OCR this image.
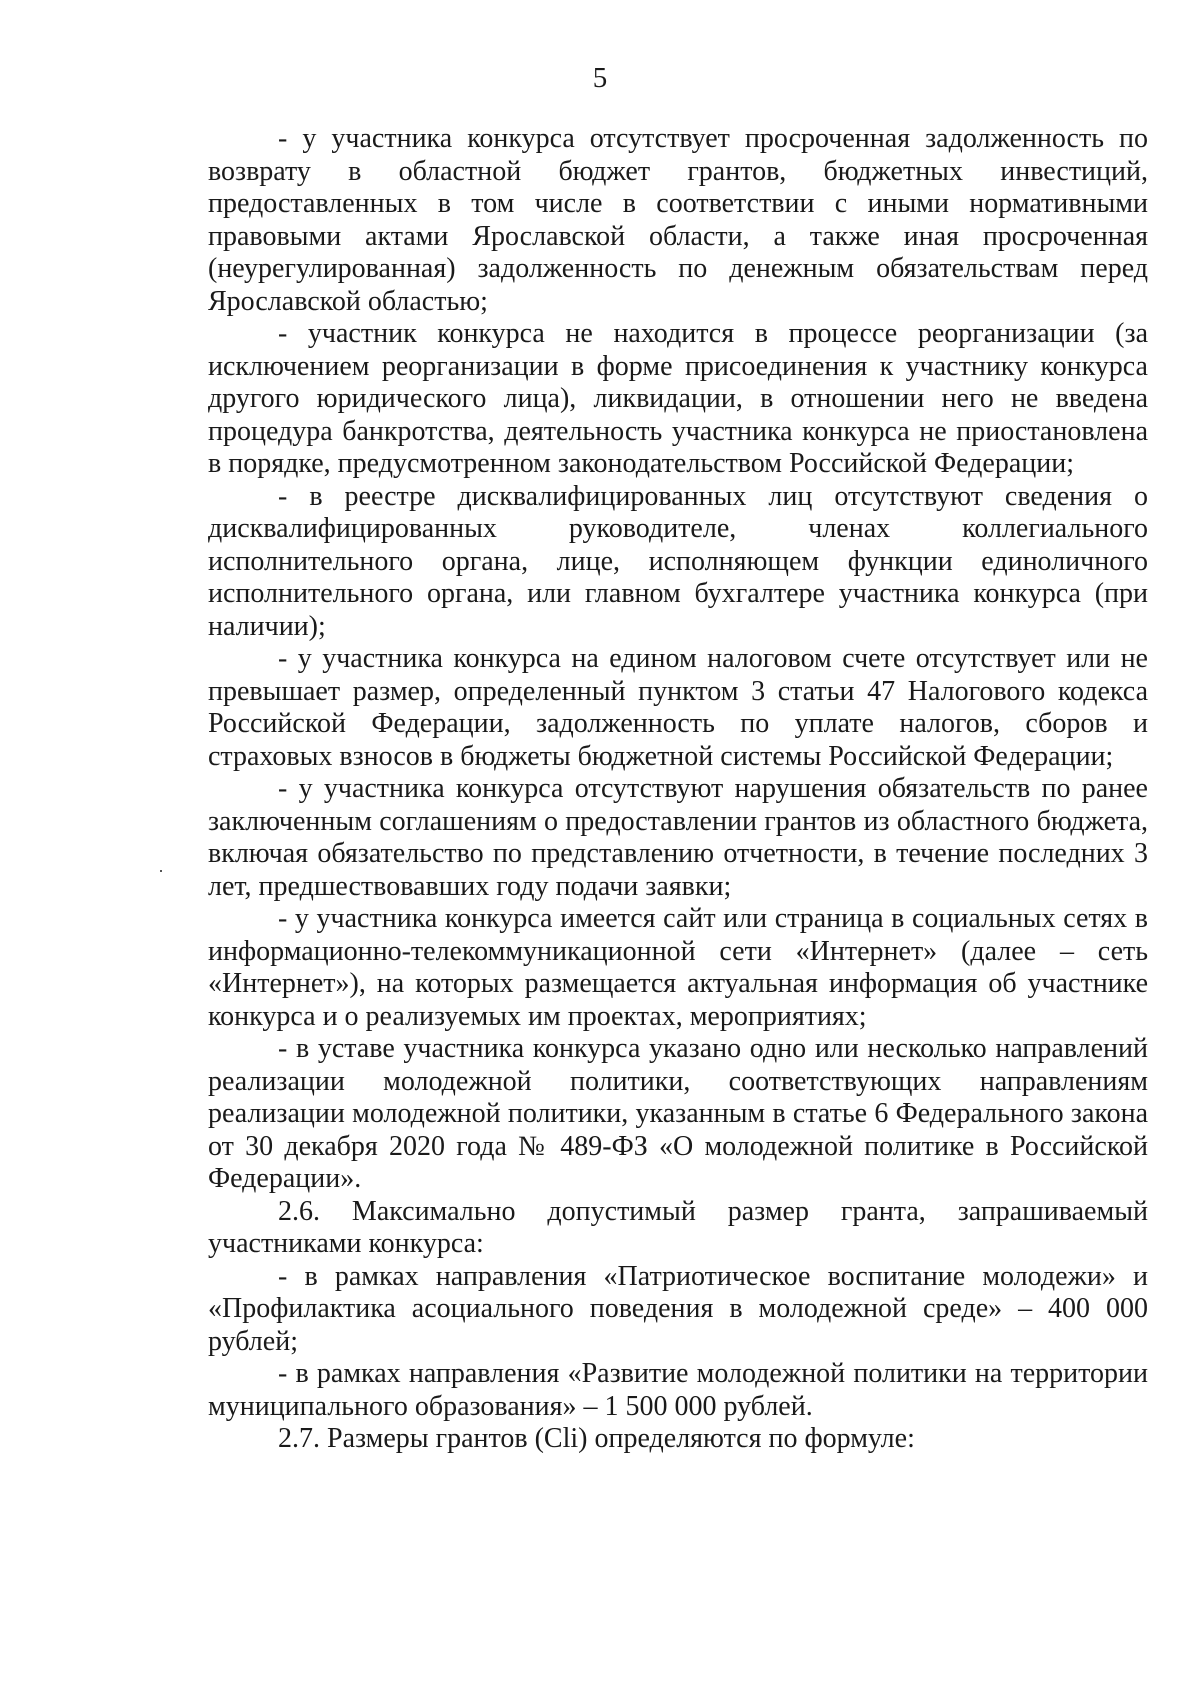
5

- у участника конкурса отсутствует просроченная задолженность по возврату в областной бюджет грантов, бюджетных инвестиций, предоставленных в том числе в соответствии с иными нормативными правовыми актами Ярославской области, а также иная просроченная (неурегулированная) задолженность по денежным обязательствам перед Ярославской областью;

- участник конкурса не находится в процессе реорганизации (за исключением реорганизации в форме присоединения к участнику конкурса другого юридического лица), ликвидации, в отношении него не введена процедура банкротства, деятельность участника конкурса не приостановлена в порядке, предусмотренном законодательством Российской Федерации;

- в реестре дисквалифицированных лиц отсутствуют сведения о дисквалифицированных руководителе, членах коллегиального исполнительного органа, лице, исполняющем функции единоличного исполнительного органа, или главном бухгалтере участника конкурса (при наличии);

- у участника конкурса на едином налоговом счете отсутствует или не превышает размер, определенный пунктом 3 статьи 47 Налогового кодекса Российской Федерации, задолженность по уплате налогов, сборов и страховых взносов в бюджеты бюджетной системы Российской Федерации;

- у участника конкурса отсутствуют нарушения обязательств по ранее заключенным соглашениям о предоставлении грантов из областного бюджета, включая обязательство по представлению отчетности, в течение последних 3 лет, предшествовавших году подачи заявки;

- у участника конкурса имеется сайт или страница в социальных сетях в информационно-телекоммуникационной сети «Интернет» (далее – сеть «Интернет»), на которых размещается актуальная информация об участнике конкурса и о реализуемых им проектах, мероприятиях;

- в уставе участника конкурса указано одно или несколько направлений реализации молодежной политики, соответствующих направлениям реализации молодежной политики, указанным в статье 6 Федерального закона от 30 декабря 2020 года № 489-ФЗ «О молодежной политике в Российской Федерации».

2.6. Максимально допустимый размер гранта, запрашиваемый участниками конкурса:

- в рамках направления «Патриотическое воспитание молодежи» и «Профилактика асоциального поведения в молодежной среде» – 400 000 рублей;

- в рамках направления «Развитие молодежной политики на территории муниципального образования» – 1 500 000 рублей.

2.7. Размеры грантов (Cli) определяются по формуле:
